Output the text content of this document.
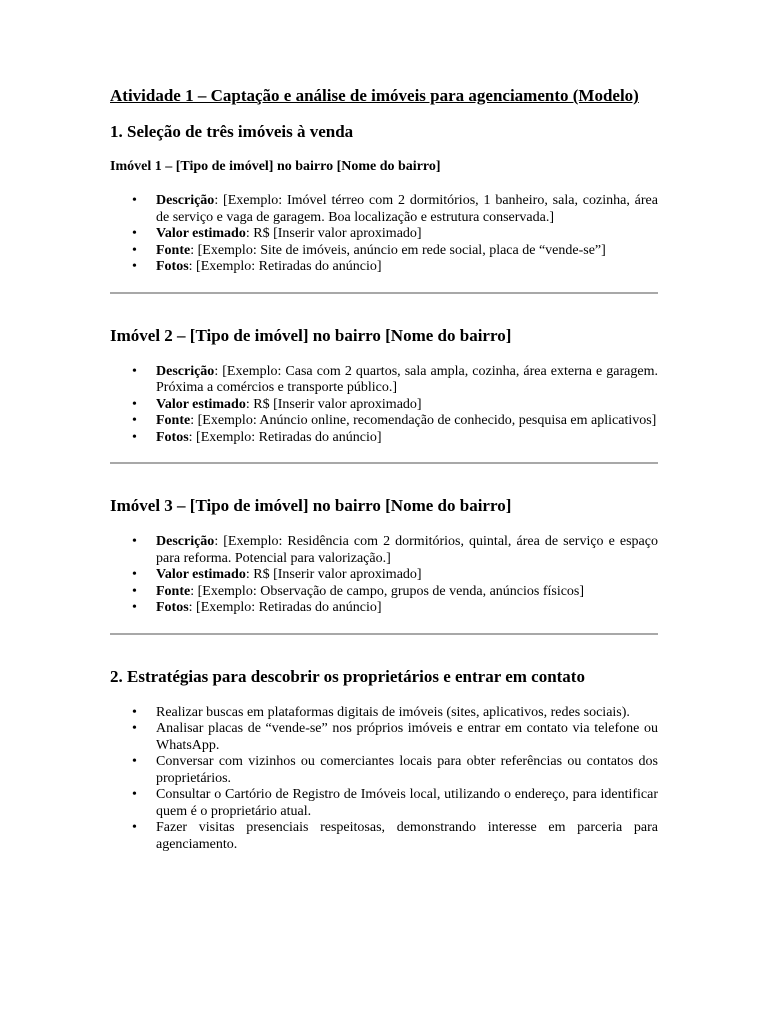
Atividade 1 – Captação e análise de imóveis para agenciamento (Modelo)

1. Seleção de três imóveis à venda

Imóvel 1 – [Tipo de imóvel] no bairro [Nome do bairro]

• Descrição: [Exemplo: Imóvel térreo com 2 dormitórios, 1 banheiro, sala, cozinha, área de serviço e vaga de garagem. Boa localização e estrutura conservada.]
• Valor estimado: R$ [Inserir valor aproximado]
• Fonte: [Exemplo: Site de imóveis, anúncio em rede social, placa de “vende-se”]
• Fotos: [Exemplo: Retiradas do anúncio]

Imóvel 2 – [Tipo de imóvel] no bairro [Nome do bairro]

• Descrição: [Exemplo: Casa com 2 quartos, sala ampla, cozinha, área externa e garagem. Próxima a comércios e transporte público.]
• Valor estimado: R$ [Inserir valor aproximado]
• Fonte: [Exemplo: Anúncio online, recomendação de conhecido, pesquisa em aplicativos]
• Fotos: [Exemplo: Retiradas do anúncio]

Imóvel 3 – [Tipo de imóvel] no bairro [Nome do bairro]

• Descrição: [Exemplo: Residência com 2 dormitórios, quintal, área de serviço e espaço para reforma. Potencial para valorização.]
• Valor estimado: R$ [Inserir valor aproximado]
• Fonte: [Exemplo: Observação de campo, grupos de venda, anúncios físicos]
• Fotos: [Exemplo: Retiradas do anúncio]

2. Estratégias para descobrir os proprietários e entrar em contato

• Realizar buscas em plataformas digitais de imóveis (sites, aplicativos, redes sociais).
• Analisar placas de “vende-se” nos próprios imóveis e entrar em contato via telefone ou WhatsApp.
• Conversar com vizinhos ou comerciantes locais para obter referências ou contatos dos proprietários.
• Consultar o Cartório de Registro de Imóveis local, utilizando o endereço, para identificar quem é o proprietário atual.
• Fazer visitas presenciais respeitosas, demonstrando interesse em parceria para agenciamento.
